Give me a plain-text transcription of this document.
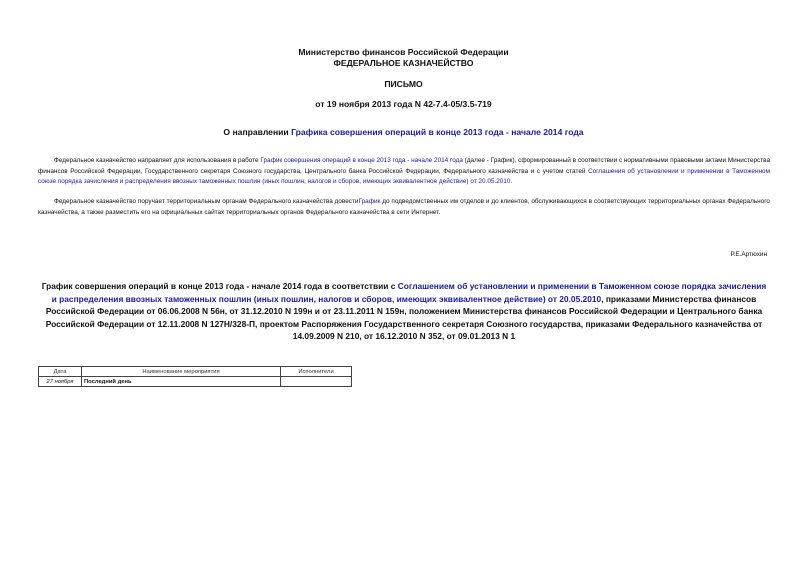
Министерство финансов Российской Федерации
ФЕДЕРАЛЬНОЕ КАЗНАЧЕЙСТВО
ПИСЬМО
от 19 ноября 2013 года N 42-7.4-05/3.5-719
О направлении Графика совершения операций в конце 2013 года - начале 2014 года
Федеральное казначейство направляет для использования в работе График совершения операций в конце 2013 года - начале 2014 года (далее - График), сформированный в соответствии с нормативными правовыми актами Министерства финансов Российской Федерации, Государственного секретаря Союзного государства, Центрального банка Российской Федерации, Федерального казначейства и с учетом статей Соглашения об установлении и применении в Таможенном союзе порядка зачисления и распределения ввозных таможенных пошлин (иных пошлин, налогов и сборов, имеющих эквивалентное действие) от 20.05.2010.
Федеральное казначейство поручает территориальным органам Федерального казначейства довестиГрафик до подведомственных им отделов и до клиентов, обслуживающихся в соответствующих территориальных органах Федерального казначейства, а также разместить его на официальных сайтах территориальных органов Федерального казначейства в сети Интернет.
Р.Е.Артюхин
График совершения операций в конце 2013 года - начале 2014 года в соответствии с Соглашением об установлении и применении в Таможенном союзе порядка зачисления и распределения ввозных таможенных пошлин (иных пошлин, налогов и сборов, имеющих эквивалентное действие) от 20.05.2010, приказами Министерства финансов Российской Федерации от 06.06.2008 N 56н, от 31.12.2010 N 199н и от 23.11.2011 N 159н, положением Министерства финансов Российской Федерации и Центрального банка Российской Федерации от 12.11.2008 N 127Н/328-П, проектом Распоряжения Государственного секретаря Союзного государства, приказами Федерального казначейства от 14.09.2009 N 210, от 16.12.2010 N 352, от 09.01.2013 N 1
Дата	Наименование мероприятия	Исполнители
27 ноября	Последний день	
